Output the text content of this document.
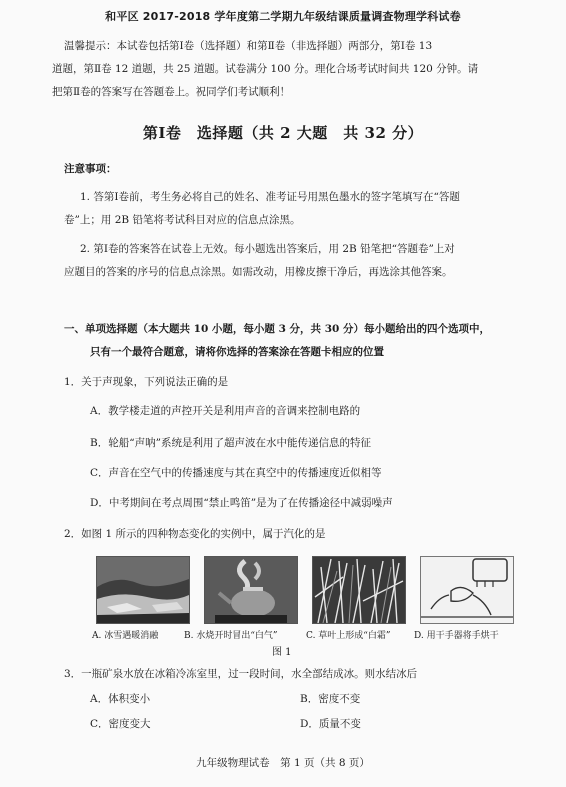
和平区 2017-2018 学年度第二学期九年级结课质量调查物理学科试卷
温馨提示：本试卷包括第Ⅰ卷（选择题）和第Ⅱ卷（非选择题）两部分，第Ⅰ卷 13
道题，第Ⅱ卷 12 道题，共 25 道题。试卷满分 100 分。理化合场考试时间共 120 分钟。请
把第Ⅱ卷的答案写在答题卷上。祝同学们考试顺利！
第Ⅰ卷　选择题（共 2 大题　共 32 分）
注意事项：
1. 答第Ⅰ卷前，考生务必将自己的姓名、准考证号用黑色墨水的签字笔填写在“答题
卷”上；用 2B 铅笔将考试科目对应的信息点涂黑。
2. 第Ⅰ卷的答案答在试卷上无效。每小题选出答案后，用 2B 铅笔把“答题卷”上对
应题目的答案的序号的信息点涂黑。如需改动，用橡皮擦干净后，再选涂其他答案。
一、单项选择题（本大题共 10 小题，每小题 3 分，共 30 分）每小题给出的四个选项中，
只有一个最符合题意，请将你选择的答案涂在答题卡相应的位置
1．关于声现象，下列说法正确的是
A．教学楼走道的声控开关是利用声音的音调来控制电路的
B．轮船“声呐”系统是利用了超声波在水中能传递信息的特征
C．声音在空气中的传播速度与其在真空中的传播速度近似相等
D．中考期间在考点周围“禁止鸣笛”是为了在传播途径中减弱噪声
2．如图 1 所示的四种物态变化的实例中，属于汽化的是
A. 冰雪遇暖消融	B. 水烧开时冒出“白气”	C. 草叶上形成“白霜”	D. 用干手器将手烘干
图 1
3．一瓶矿泉水放在冰箱冷冻室里，过一段时间，水全部结成冰。则水结冰后
A．体积变小	B．密度不变
C．密度变大	D．质量不变
九年级物理试卷　第 1 页（共 8 页）
